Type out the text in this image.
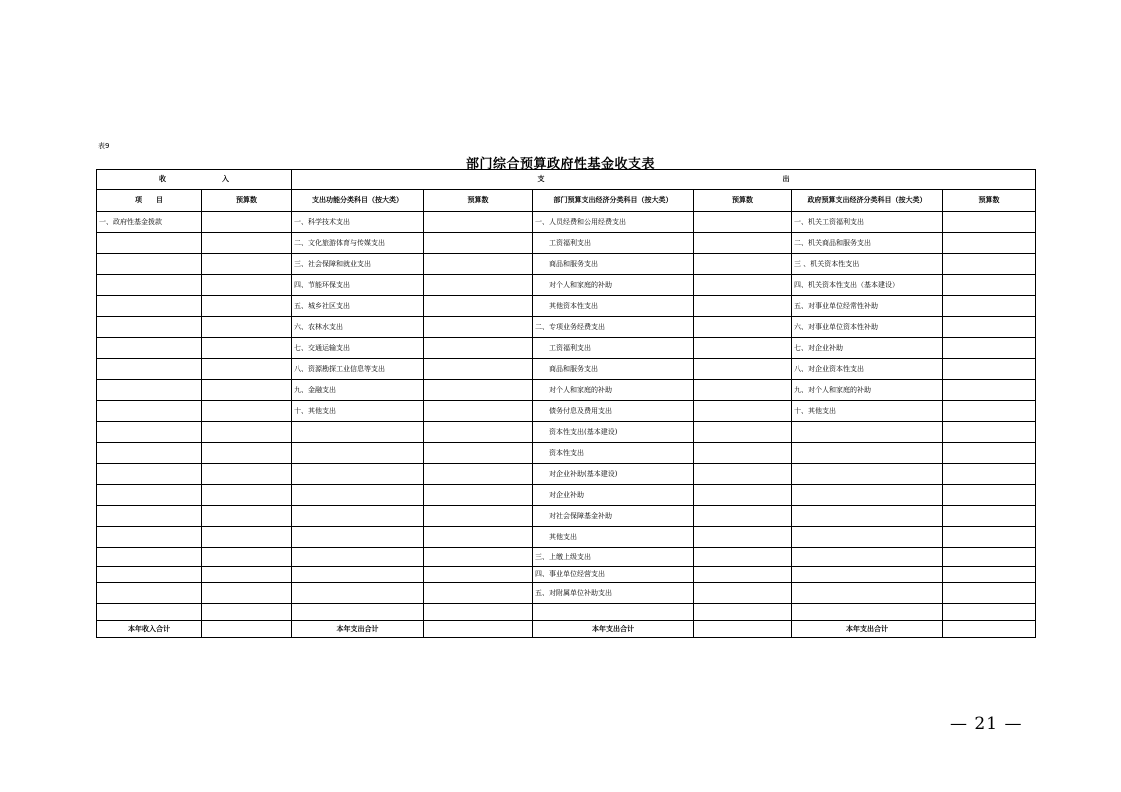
表9
部门综合预算政府性基金收支表
收　　　　　　　　入		支　　　　　　　　　　　　　　　　　　　　　　　　　　　　　　　　　　出					
项　　目	预算数	支出功能分类科目（按大类）	预算数	部门预算支出经济分类科目（按大类）	预算数	政府预算支出经济分类科目（按大类）	预算数
一、政府性基金拨款		一、科学技术支出		一、人员经费和公用经费支出		一、机关工资福利支出	
		二、文化旅游体育与传媒支出		工资福利支出		二、机关商品和服务支出	
		三、社会保障和就业支出		商品和服务支出		三 、机关资本性支出	
		四、节能环保支出		对个人和家庭的补助		四、机关资本性支出（基本建设）	
		五、城乡社区支出		其他资本性支出		五、对事业单位经常性补助	
		六、农林水支出		二、专项业务经费支出		六、对事业单位资本性补助	
		七、交通运输支出		工资福利支出		七、对企业补助	
		八、资源勘探工业信息等支出		商品和服务支出		八、对企业资本性支出	
		九、金融支出		对个人和家庭的补助		九、对个人和家庭的补助	
		十、其他支出		债务付息及费用支出		十、其他支出	
				资本性支出(基本建设)			
				资本性支出			
				对企业补助(基本建设)			
				对企业补助			
				对社会保障基金补助			
				其他支出			
				三、上缴上级支出			
				四、事业单位经营支出			
				五、对附属单位补助支出			

本年收入合计		本年支出合计		本年支出合计		本年支出合计	
— 21 —
